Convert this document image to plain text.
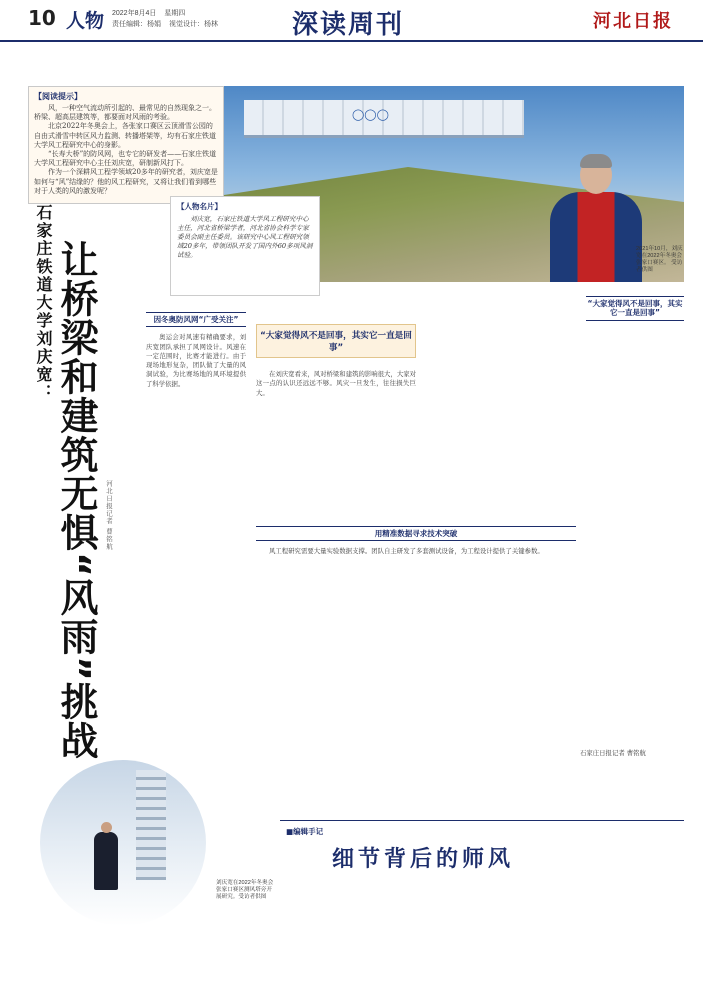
10 人物 2022年8月4日 星期四
责任编辑：杨娟 视觉设计：杨林	深读周刊	河北日报
【阅读提示】

风，一种空气流动所引起的、最常见的自然现象之一。桥梁、超高层建筑等，都要面对风雨的考验。

北京2022年冬奥会上，各张家口赛区云顶滑雪公园的自由式滑雪中转区风力监测、转播塔架等，均有石家庄铁道大学风工程研究中心的身影。

“长寿大桥”的防风网，也专它的研发者——石家庄铁道大学风工程研究中心主任刘庆宽，研制新风打下。

作为一个深耕风工程学领域20多年的研究者，刘庆宽是如何与“风”结缘的？他的风工程研究，又将让我们看到哪些对于人类的风的激发呢？

◯◯◯
2021年10月，刘庆宽在2022年冬奥会张家口赛区。 受访者供图
【人物名片】

刘庆宽，石家庄铁道大学风工程研究中心主任，河北省桥梁学者，河北省协会科学专家委员会副主任委员。该研究中心风工程研究领域20多年，带领团队开发了国内外60多项风洞试验。

石家庄铁道大学刘庆宽： 让桥梁和建筑无惧“风雨”挑战 河北日报记者 曹铭航
因冬奥防风网“广受关注”

奥运会对风速有精确要求，刘庆宽团队承担了风网设计。风速在一定范围时，比赛才能进行。由于现场地形复杂，团队做了大量的风洞试验，为比赛场地的风环境提供了科学依据。

在刘庆宽看来，风对桥梁和建筑的影响很大，大家对这一点的认识还远远不够。风灾一旦发生，往往损失巨大。

“大家觉得风不是回事，其实它一直是回事”
用精准数据寻求技术突破

风工程研究需要大量实验数据支撑。团队自主研发了多套测试设备，为工程设计提供了关键参数。

“大家觉得风不是回事，其实它一直是回事”
刘庆宽在2022年冬奥会张家口赛区测风塔旁开展研究。受访者供图
■编辑手记
细节背后的师风
石家庄日报记者 曹铭航
